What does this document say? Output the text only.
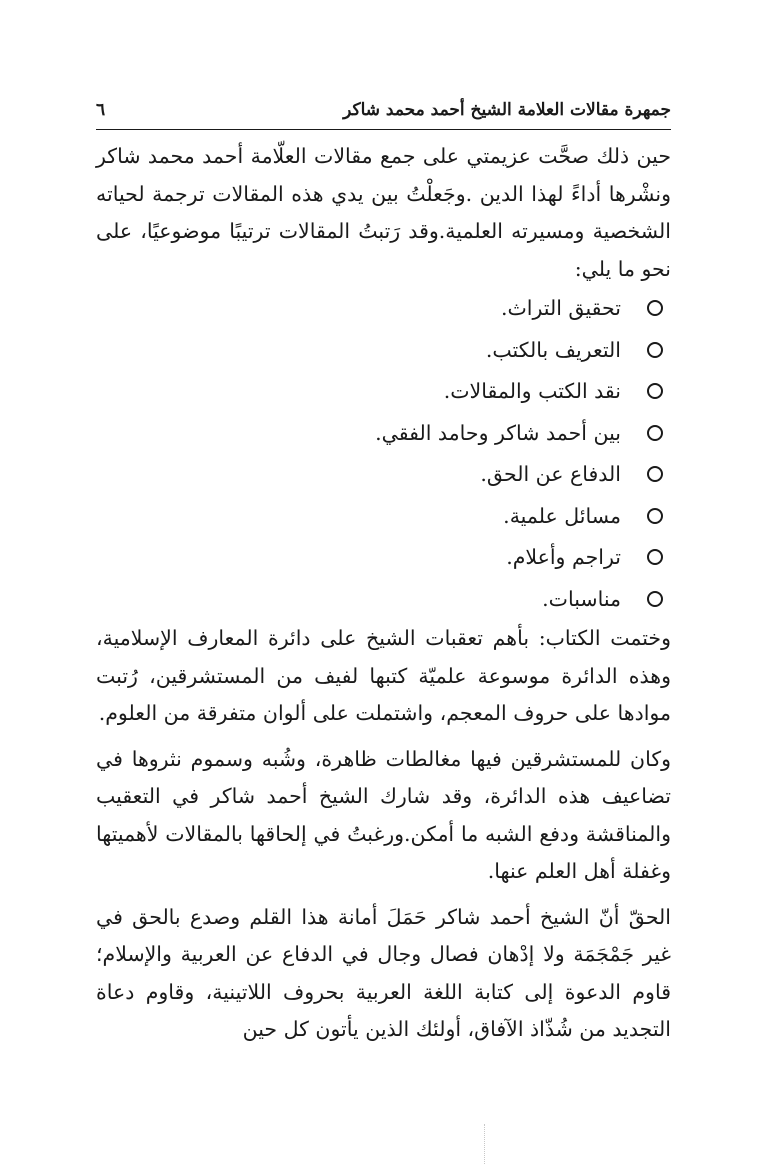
جمهرة مقالات العلامة الشيخ أحمد محمد شاكر
٦

حين ذلك صحَّت عزيمتي على جمع مقالات العلّامة أحمد محمد شاكر ونشْرها أداءً لهذا الدين .وجَعلْتُ بين يدي هذه المقالات ترجمة لحياته الشخصية ومسيرته العلمية.وقد رَتبتُ المقالات ترتيبًا موضوعيًا، على نحو ما يلي:

تحقيق التراث.
التعريف بالكتب.
نقد الكتب والمقالات.
بين أحمد شاكر وحامد الفقي.
الدفاع عن الحق.
مسائل علمية.
تراجم وأعلام.
مناسبات.

وختمت الكتاب: بأهم تعقبات الشيخ على دائرة المعارف الإسلامية، وهذه الدائرة موسوعة علميّة كتبها لفيف من المستشرقين، رُتبت موادها على حروف المعجم، واشتملت على ألوان متفرقة من العلوم.

وكان للمستشرقين فيها مغالطات ظاهرة، وشُبه وسموم نثروها في تضاعيف هذه الدائرة، وقد شارك الشيخ أحمد شاكر في التعقيب والمناقشة ودفع الشبه ما أمكن.ورغبتُ في إلحاقها بالمقالات لأهميتها وغفلة أهل العلم عنها.

الحقّ أنّ الشيخ أحمد شاكر حَمَلَ أمانة هذا القلم وصدع بالحق في غير جَمْجَمَة ولا إدْهان فصال وجال في الدفاع عن العربية والإسلام؛ قاوم الدعوة إلى كتابة اللغة العربية بحروف اللاتينية، وقاوم دعاة التجديد من شُذّاذ الآفاق، أولئك الذين يأتون كل حين
